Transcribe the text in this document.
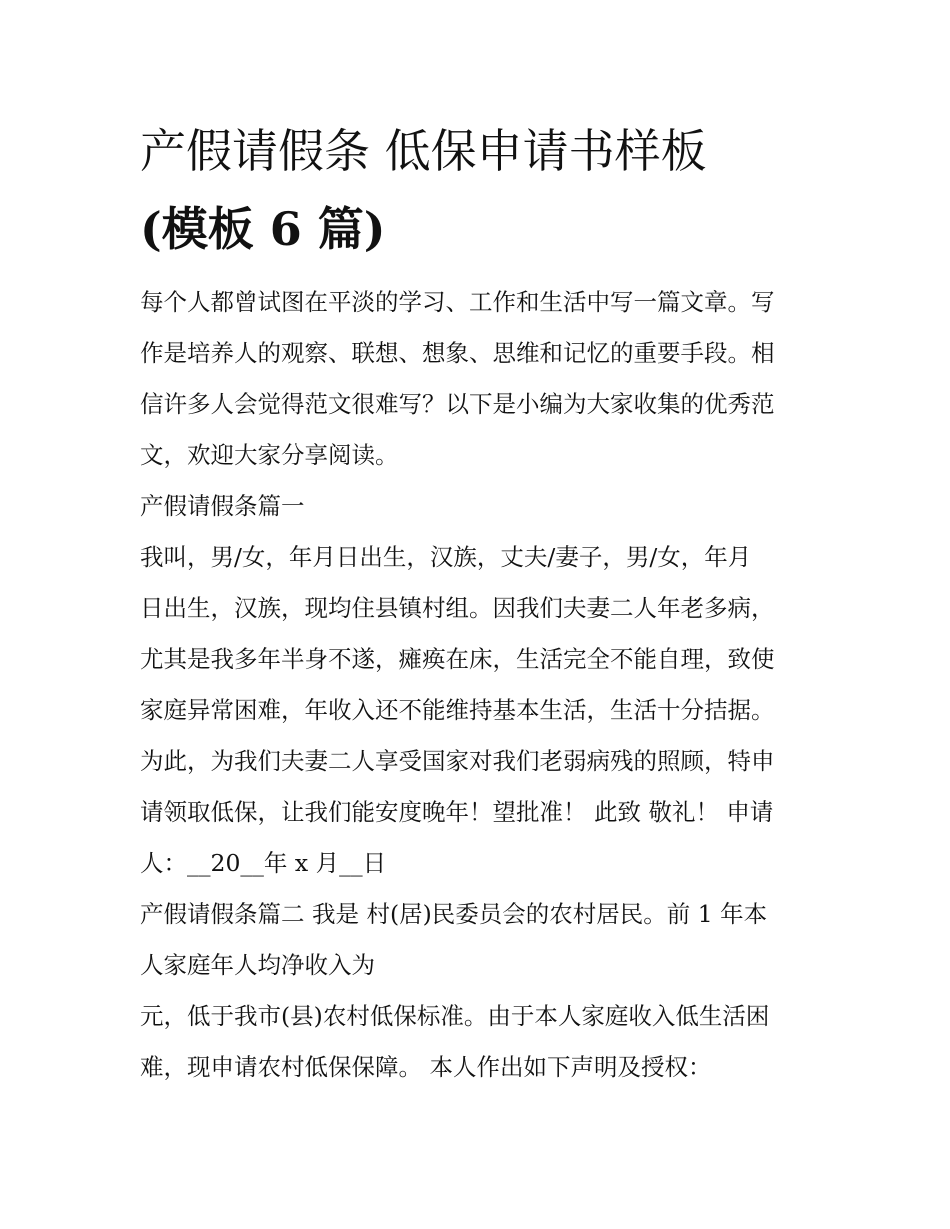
产假请假条 低保申请书样板
(模板 6 篇)
每个人都曾试图在平淡的学习、工作和生活中写一篇文章。写
作是培养人的观察、联想、想象、思维和记忆的重要手段。相
信许多人会觉得范文很难写？以下是小编为大家收集的优秀范
文，欢迎大家分享阅读。
产假请假条篇一
我叫，男/女，年月日出生，汉族，丈夫/妻子，男/女，年月
日出生，汉族，现均住县镇村组。因我们夫妻二人年老多病，
尤其是我多年半身不遂，瘫痪在床，生活完全不能自理，致使
家庭异常困难，年收入还不能维持基本生活，生活十分拮据。
为此，为我们夫妻二人享受国家对我们老弱病残的照顾，特申
请领取低保，让我们能安度晚年！望批准！ 此致 敬礼！ 申请
人：__20__年 x 月__日
产假请假条篇二 我是 村(居)民委员会的农村居民。前 1 年本
人家庭年人均净收入为
元，低于我市(县)农村低保标准。由于本人家庭收入低生活困
难，现申请农村低保保障。 本人作出如下声明及授权：
